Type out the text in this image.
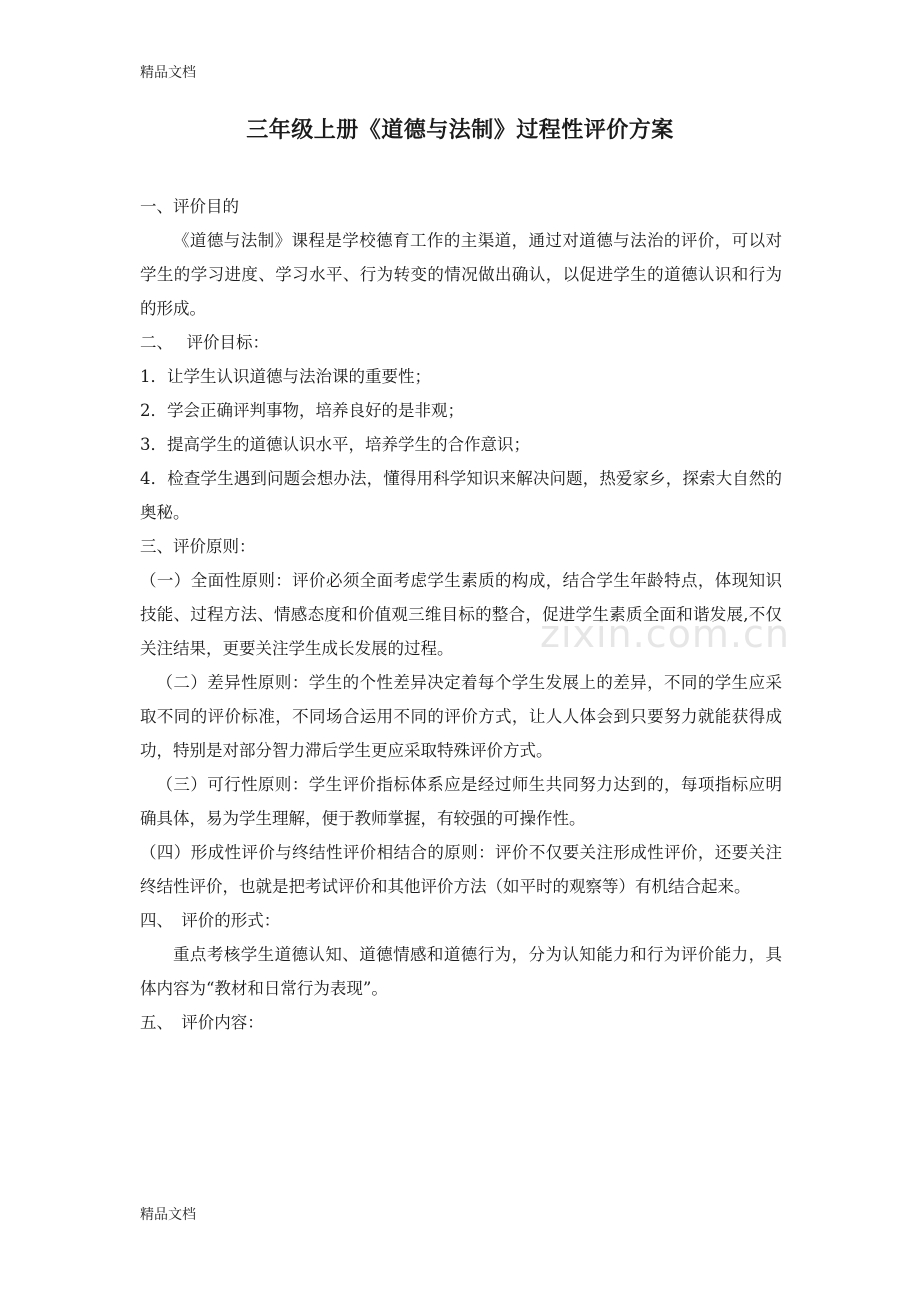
精品文档
三年级上册《道德与法制》过程性评价方案
zixin.com.cn

一、评价目的

《道德与法制》课程是学校德育工作的主渠道，通过对道德与法治的评价，可以对学生的学习进度、学习水平、行为转变的情况做出确认，以促进学生的道德认识和行为的形成。

二、　 评价目标：

1．让学生认识道德与法治课的重要性；

2．学会正确评判事物，培养良好的是非观；

3．提高学生的道德认识水平，培养学生的合作意识；

4．检查学生遇到问题会想办法，懂得用科学知识来解决问题，热爱家乡，探索大自然的奥秘。

三、评价原则：

（一）全面性原则：评价必须全面考虑学生素质的构成，结合学生年龄特点，体现知识技能、过程方法、情感态度和价值观三维目标的整合，促进学生素质全面和谐发展,不仅关注结果，更要关注学生成长发展的过程。

（二）差异性原则：学生的个性差异决定着每个学生发展上的差异，不同的学生应采取不同的评价标准，不同场合运用不同的评价方式，让人人体会到只要努力就能获得成功，特别是对部分智力滞后学生更应采取特殊评价方式。

（三）可行性原则：学生评价指标体系应是经过师生共同努力达到的，每项指标应明确具体，易为学生理解，便于教师掌握，有较强的可操作性。

（四）形成性评价与终结性评价相结合的原则：评价不仅要关注形成性评价，还要关注终结性评价，也就是把考试评价和其他评价方法（如平时的观察等）有机结合起来。

四、　评价的形式：

重点考核学生道德认知、道德情感和道德行为，分为认知能力和行为评价能力，具体内容为“教材和日常行为表现”。

五、　评价内容：

精品文档
